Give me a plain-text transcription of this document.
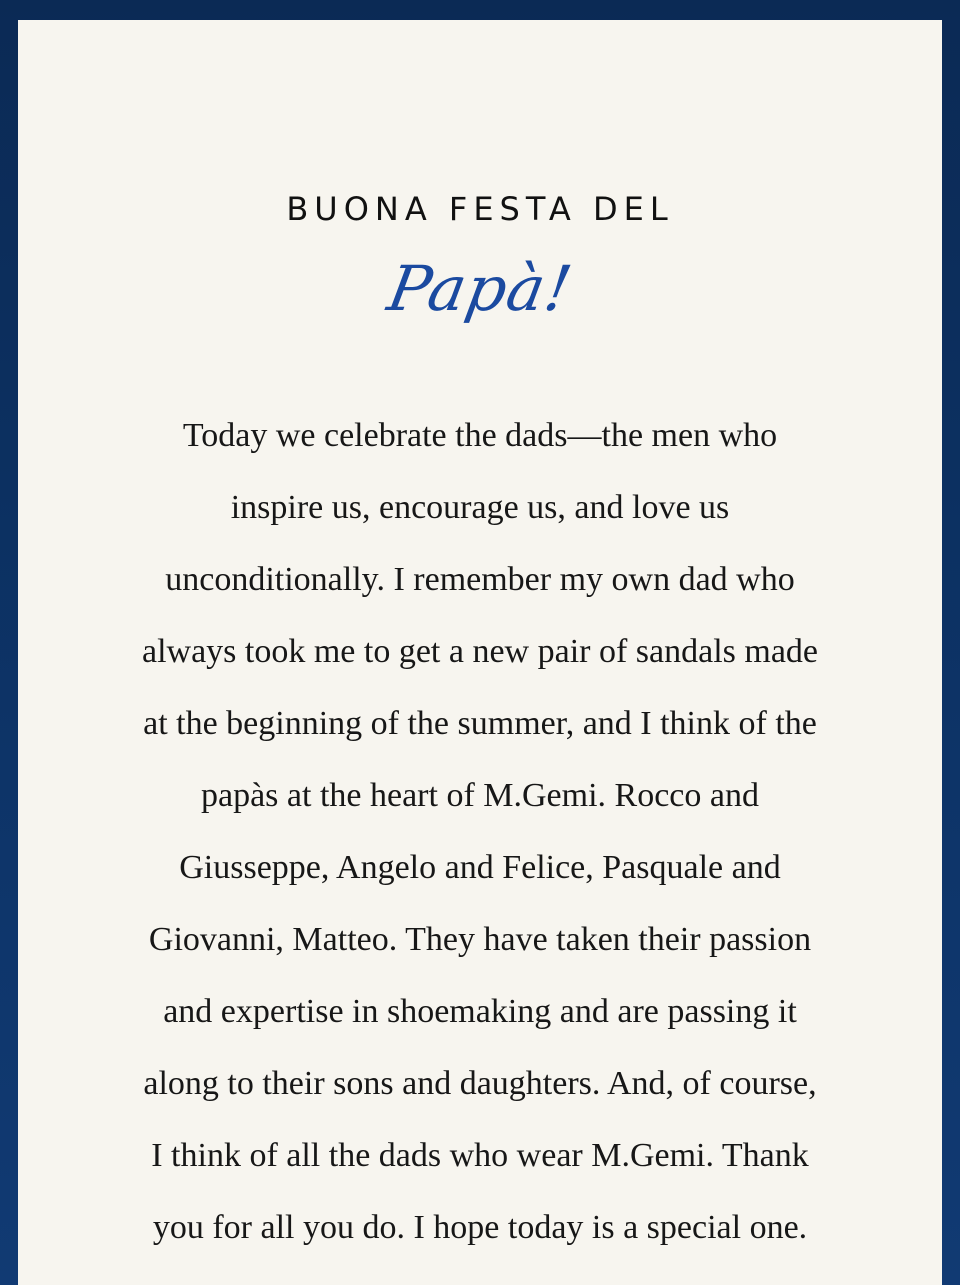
BUONA FESTA DEL
Papà!
Today we celebrate the dads—the men who
inspire us, encourage us, and love us
unconditionally. I remember my own dad who
always took me to get a new pair of sandals made
at the beginning of the summer, and I think of the
papàs at the heart of M.Gemi. Rocco and
Giusseppe, Angelo and Felice, Pasquale and
Giovanni, Matteo. They have taken their passion
and expertise in shoemaking and are passing it
along to their sons and daughters. And, of course,
I think of all the dads who wear M.Gemi. Thank
you for all you do. I hope today is a special one.
